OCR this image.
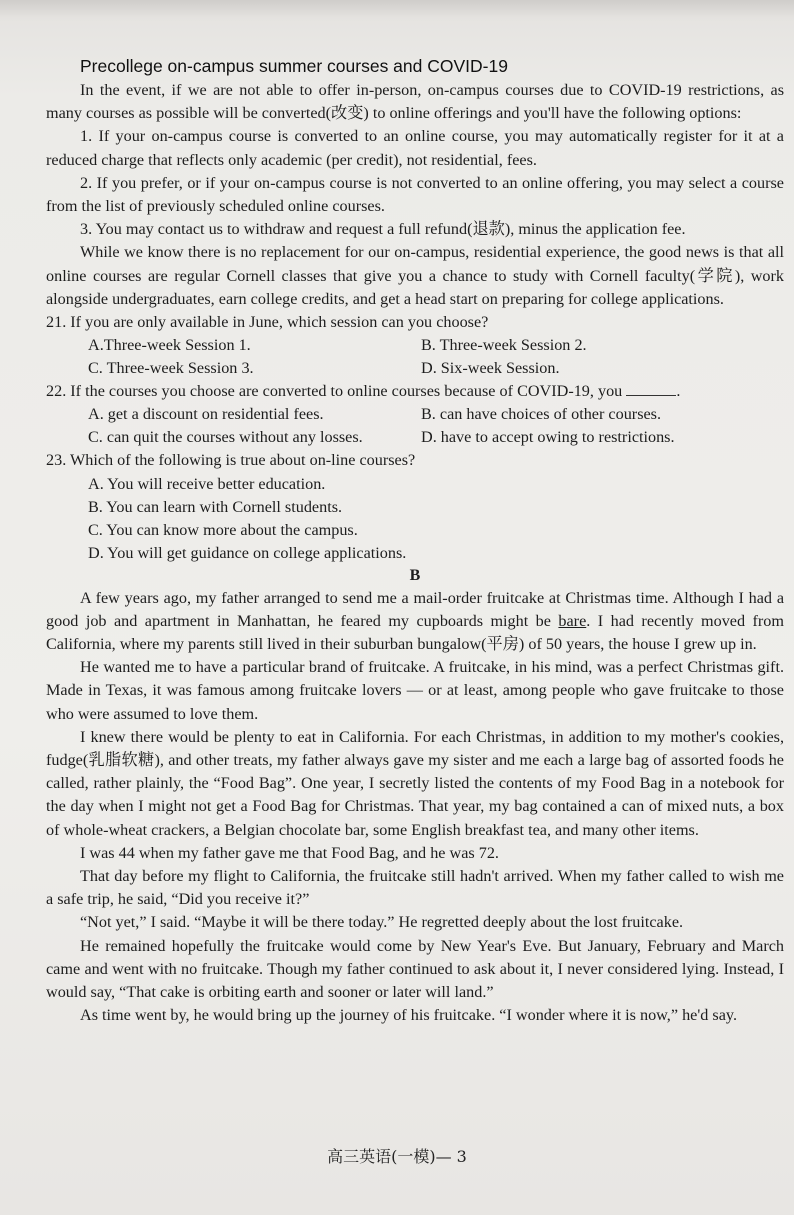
Precollege on-campus summer courses and COVID-19

In the event, if we are not able to offer in-person, on-campus courses due to COVID-19 restrictions, as many courses as possible will be converted(改变) to online offerings and you'll have the following options:

1. If your on-campus course is converted to an online course, you may automatically register for it at a reduced charge that reflects only academic (per credit), not residential, fees.

2. If you prefer, or if your on-campus course is not converted to an online offering, you may select a course from the list of previously scheduled online courses.

3. You may contact us to withdraw and request a full refund(退款), minus the application fee.

While we know there is no replacement for our on-campus, residential experience, the good news is that all online courses are regular Cornell classes that give you a chance to study with Cornell faculty(学院), work alongside undergraduates, earn college credits, and get a head start on preparing for college applications.

21. If you are only available in June, which session can you choose?
A.Three-week Session 1.	B. Three-week Session 2.
C. Three-week Session 3.	D. Six-week Session.
22. If the courses you choose are converted to online courses because of COVID-19, you	.
A. get a discount on residential fees.	B. can have choices of other courses.
C. can quit the courses without any losses.	D. have to accept owing to restrictions.
23. Which of the following is true about on-line courses?
A. You will receive better education.
B. You can learn with Cornell students.
C. You can know more about the campus.
D. You will get guidance on college applications.
B

A few years ago, my father arranged to send me a mail-order fruitcake at Christmas time. Although I had a good job and apartment in Manhattan, he feared my cupboards might be bare. I had recently moved from California, where my parents still lived in their suburban bungalow(平房) of 50 years, the house I grew up in.

He wanted me to have a particular brand of fruitcake. A fruitcake, in his mind, was a perfect Christmas gift. Made in Texas, it was famous among fruitcake lovers — or at least, among people who gave fruitcake to those who were assumed to love them.

I knew there would be plenty to eat in California. For each Christmas, in addition to my mother's cookies, fudge(乳脂软糖), and other treats, my father always gave my sister and me each a large bag of assorted foods he called, rather plainly, the “Food Bag”. One year, I secretly listed the contents of my Food Bag in a notebook for the day when I might not get a Food Bag for Christmas. That year, my bag contained a can of mixed nuts, a box of whole-wheat crackers, a Belgian chocolate bar, some English breakfast tea, and many other items.

I was 44 when my father gave me that Food Bag, and he was 72.

That day before my flight to California, the fruitcake still hadn't arrived. When my father called to wish me a safe trip, he said, “Did you receive it?”

“Not yet,” I said. “Maybe it will be there today.” He regretted deeply about the lost fruitcake.

He remained hopefully the fruitcake would come by New Year's Eve. But January, February and March came and went with no fruitcake. Though my father continued to ask about it, I never considered lying. Instead, I would say, “That cake is orbiting earth and sooner or later will land.”

As time went by, he would bring up the journey of his fruitcake. “I wonder where it is now,” he'd say.

高三英语(一模)— 3
